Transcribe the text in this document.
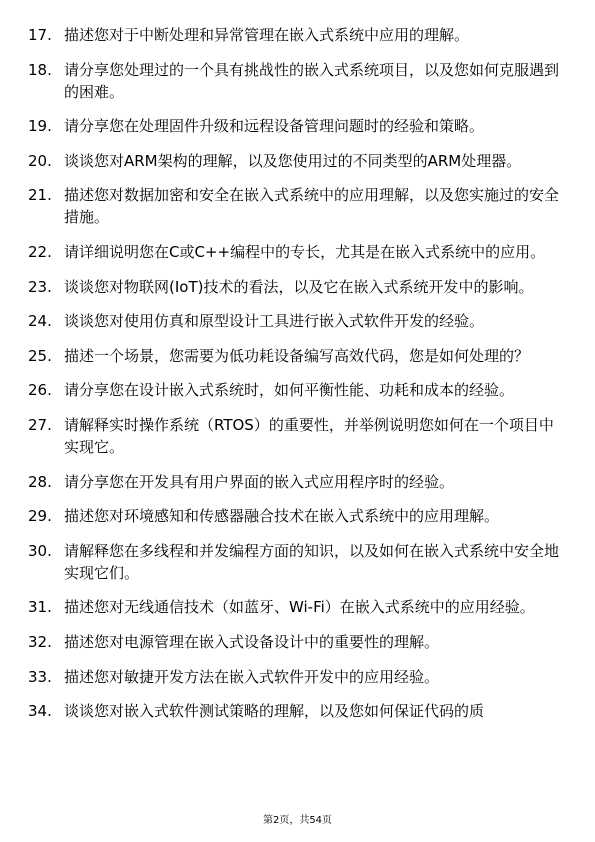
17. 描述您对于中断处理和异常管理在嵌入式系统中应用的理解。
18. 请分享您处理过的一个具有挑战性的嵌入式系统项目，以及您如何克服遇到的困难。
19. 请分享您在处理固件升级和远程设备管理问题时的经验和策略。
20. 谈谈您对ARM架构的理解，以及您使用过的不同类型的ARM处理器。
21. 描述您对数据加密和安全在嵌入式系统中的应用理解，以及您实施过的安全措施。
22. 请详细说明您在C或C++编程中的专长，尤其是在嵌入式系统中的应用。
23. 谈谈您对物联网(IoT)技术的看法，以及它在嵌入式系统开发中的影响。
24. 谈谈您对使用仿真和原型设计工具进行嵌入式软件开发的经验。
25. 描述一个场景，您需要为低功耗设备编写高效代码，您是如何处理的？
26. 请分享您在设计嵌入式系统时，如何平衡性能、功耗和成本的经验。
27. 请解释实时操作系统（RTOS）的重要性，并举例说明您如何在一个项目中实现它。
28. 请分享您在开发具有用户界面的嵌入式应用程序时的经验。
29. 描述您对环境感知和传感器融合技术在嵌入式系统中的应用理解。
30. 请解释您在多线程和并发编程方面的知识，以及如何在嵌入式系统中安全地实现它们。
31. 描述您对无线通信技术（如蓝牙、Wi-Fi）在嵌入式系统中的应用经验。
32. 描述您对电源管理在嵌入式设备设计中的重要性的理解。
33. 描述您对敏捷开发方法在嵌入式软件开发中的应用经验。
34. 谈谈您对嵌入式软件测试策略的理解，以及您如何保证代码的质
第2页，共54页
